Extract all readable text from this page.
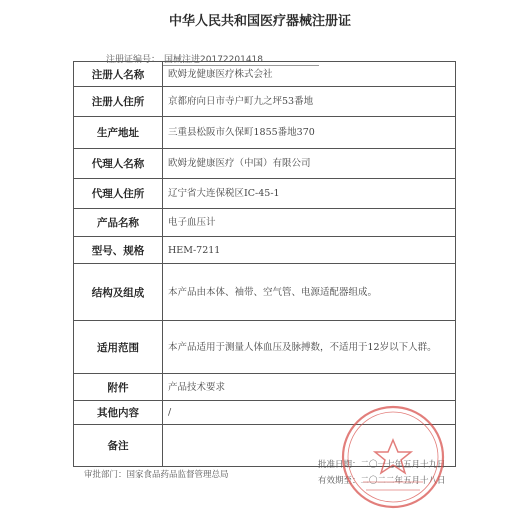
中华人民共和国医疗器械注册证
注册证编号： 国械注进20172201418
注册人名称	欧姆龙健康医疗株式会社
注册人住所	京都府向日市寺户町九之坪53番地
生产地址	三重县松阪市久保町1855番地370
代理人名称	欧姆龙健康医疗（中国）有限公司
代理人住所	辽宁省大连保税区IC-45-1
产品名称	电子血压计
型号、规格	HEM-7211
结构及组成	本产品由本体、袖带、空气管、电源适配器组成。
适用范围	本产品适用于测量人体血压及脉搏数，不适用于12岁以下人群。
附件	产品技术要求
其他内容	/
备注	
审批部门：国家食品药品监督管理总局
批准日期：二〇一七年五月十九日
有效期至：二〇二二年五月十八日
